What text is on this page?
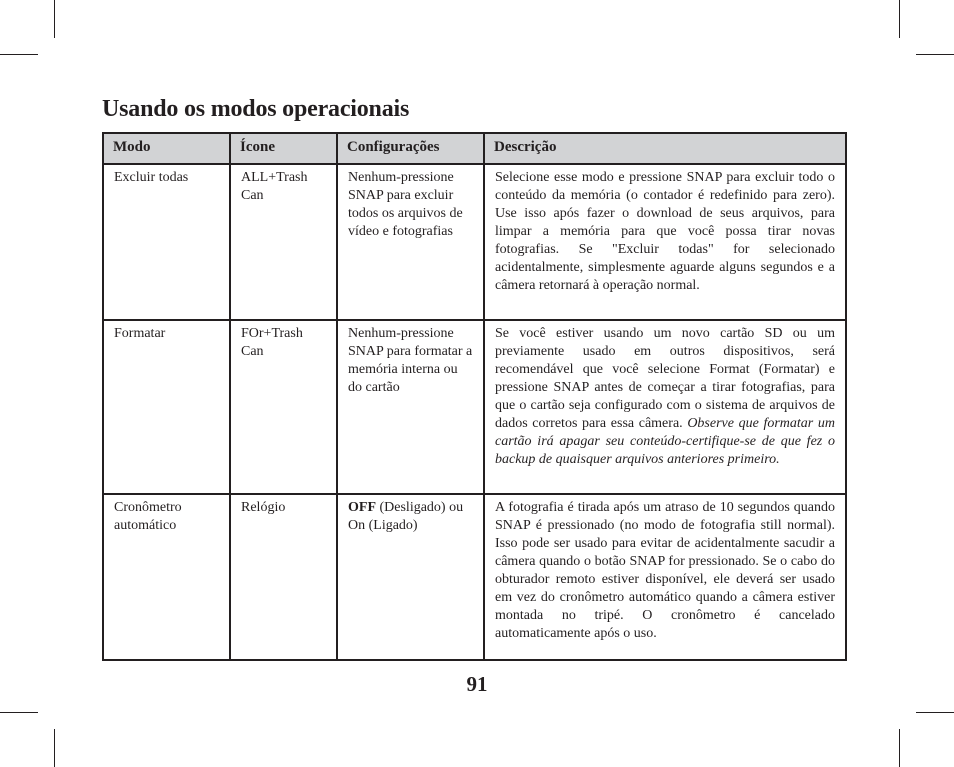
Usando os modos operacionais
Modo	Ícone	Configurações	Descrição
Excluir todas	ALL+Trash Can	Nenhum-pressione SNAP para excluir todos os arquivos de vídeo e fotografias	Selecione esse modo e pressione SNAP para excluir todo o conteúdo da memória (o contador é redefinido para zero). Use isso após fazer o download de seus arquivos, para limpar a memória para que você possa tirar novas fotografias. Se "Excluir todas" for selecionado acidentalmente, simplesmente aguarde alguns segundos e a câmera retornará à operação normal.
Formatar	FOr+Trash Can	Nenhum-pressione SNAP para formatar a memória interna ou do cartão	Se você estiver usando um novo cartão SD ou um previamente usado em outros dispositivos, será recomendável que você selecione Format (Formatar) e pressione SNAP antes de começar a tirar fotografias, para que o cartão seja configurado com o sistema de arquivos de dados corretos para essa câmera. Observe que formatar um cartão irá apagar seu conteúdo-certifique-se de que fez o backup de quaisquer arquivos anteriores primeiro.
Cronômetro automático	Relógio	OFF (Desligado) ou On (Ligado)	A fotografia é tirada após um atraso de 10 segundos quando SNAP é pressionado (no modo de fotografia still normal). Isso pode ser usado para evitar de acidentalmente sacudir a câmera quando o botão SNAP for pressionado. Se o cabo do obturador remoto estiver disponível, ele deverá ser usado em vez do cronômetro automático quando a câmera estiver montada no tripé. O cronômetro é cancelado automaticamente após o uso.
91
